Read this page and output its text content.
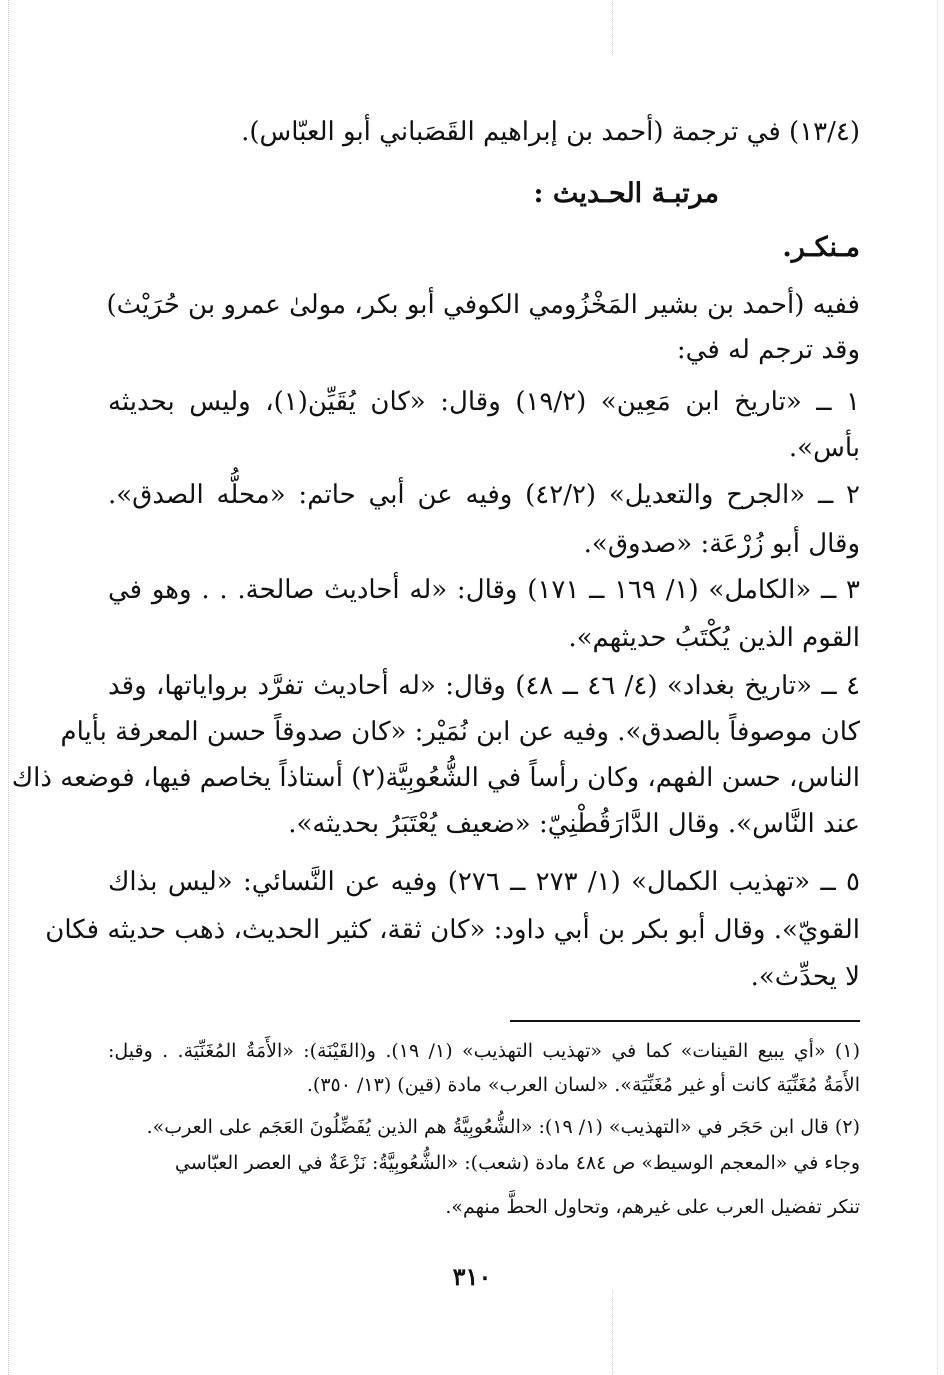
(١٣/٤) في ترجمة (أحمد بن إبراهيم القَصَباني أبو العبّاس).
مرتبـة الحـديث :
مـنكـر.
ففيه (أحمد بن بشير المَخْزُومي الكوفي أبو بكر، مولىٰ عمرو بن حُرَيْث)
وقد ترجم له في:
١ ــ «تاريخ ابن مَعِين» (١٩/٢) وقال: «كان يُقَيِّن(١)، وليس بحديثه
بأس».
٢ ــ «الجرح والتعديل» (٤٢/٢) وفيه عن أبي حاتم: «محلُّه الصدق».
وقال أبو زُرْعَة: «صدوق».
٣ ــ «الكامل» (١/ ١٦٩ ــ ١٧١) وقال: «له أحاديث صالحة. . . وهو في
القوم الذين يُكْتَبُ حديثهم».
٤ ــ «تاريخ بغداد» (٤/ ٤٦ ــ ٤٨) وقال: «له أحاديث تفرَّد برواياتها، وقد
كان موصوفاً بالصدق». وفيه عن ابن نُمَيْر: «كان صدوقاً حسن المعرفة بأيام
الناس، حسن الفهم، وكان رأساً في الشُّعُوبِيَّة(٢) أستاذاً يخاصم فيها، فوضعه ذاك
عند النَّاس». وقال الدَّارَقُطْنِيّ: «ضعيف يُعْتَبَرُ بحديثه».
٥ ــ «تهذيب الكمال» (١/ ٢٧٣ ــ ٢٧٦) وفيه عن النَّسائي: «ليس بذاك
القويّ». وقال أبو بكر بن أبي داود: «كان ثقة، كثير الحديث، ذهب حديثه فكان
لا يحدِّث».
(١) «أي يبيع القينات» كما في «تهذيب التهذيب» (١/ ١٩). و(القَيْنَة): «الأَمَةُ المُغَنِّيَة. . وقيل:
الأَمَةُ مُغَنِّيَة كانت أو غير مُغَنِّيَة». «لسان العرب» مادة (قين) (١٣/ ٣٥٠).
(٢) قال ابن حَجَر في «التهذيب» (١/ ١٩): «الشُّعُوبِيَّةُ هم الذين يُفَضِّلُونَ العَجَم على العرب».
وجاء في «المعجم الوسيط» ص ٤٨٤ مادة (شعب): «الشُّعُوبِيَّةُ: نَزْعَةٌ في العصر العبّاسي
تنكر تفضيل العرب على غيرهم، وتحاول الحطَّ منهم».
٣١٠
